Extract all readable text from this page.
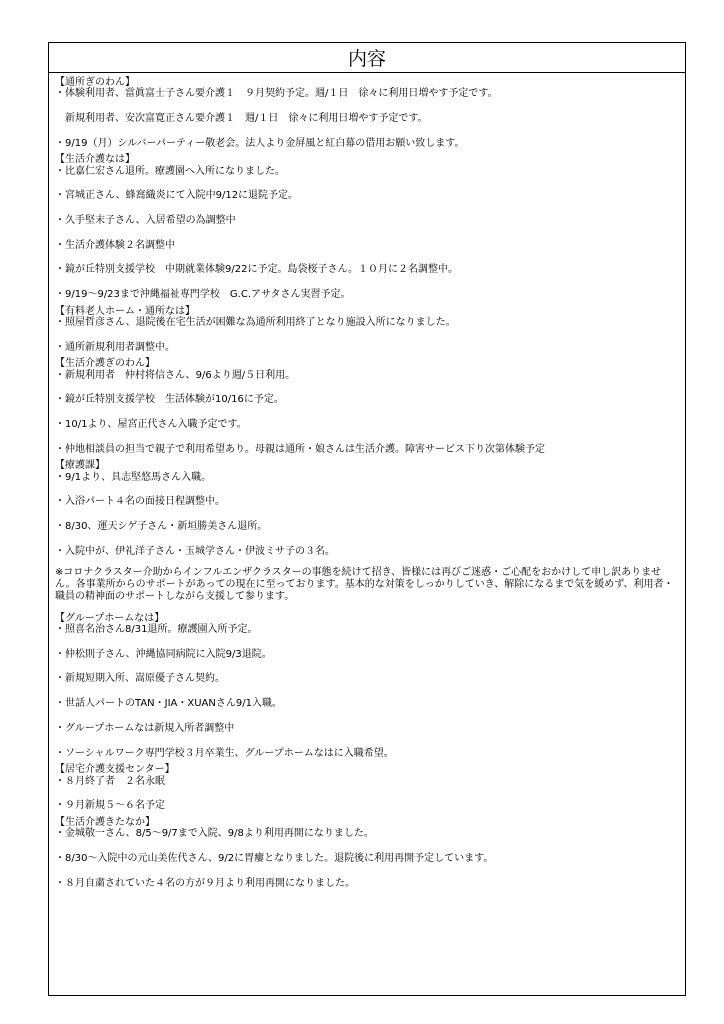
内容
【通所ぎのわん】
・体験利用者、當眞富士子さん要介護１　９月契約予定。週/１日　徐々に利用日増やす予定です。
　新規利用者、安次富寛正さん要介護１　週/１日　徐々に利用日増やす予定です。
・9/19（月）シルバーパーティー敬老会。法人より金屏風と紅白幕の借用お願い致します。
【生活介護なは】
・比嘉仁宏さん退所。療護園へ入所になりました。
・宮城正さん、蜂窩織炎にて入院中9/12に退院予定。
・久手堅末子さん、入居希望の為調整中
・生活介護体験２名調整中
・鏡が丘特別支援学校　中期就業体験9/22に予定。島袋桜子さん。１０月に２名調整中。
・9/19～9/23まで沖縄福祉専門学校　G.C.アサタさん実習予定。
【有料老人ホーム・通所なは】
・照屋哲彦さん、退院後在宅生活が困難な為通所利用終了となり施設入所になりました。
・通所新規利用者調整中。
【生活介護ぎのわん】
・新規利用者　仲村将信さん、9/6より週/５日利用。
・鏡が丘特別支援学校　生活体験が10/16に予定。
・10/1より、屋宮正代さん入職予定です。
・仲地相談員の担当で親子で利用希望あり。母親は通所・娘さんは生活介護。障害サービス下り次第体験予定
【療護課】
・9/1より、具志堅悠馬さん入職。
・入浴パート４名の面接日程調整中。
・8/30、運天シゲ子さん・新垣勝美さん退所。
・入院中が、伊礼洋子さん・玉城学さん・伊波ミサ子の３名。
※コロナクラスター介助からインフルエンザクラスターの事態を続けて招き、皆様には再びご迷惑・ご心配をおかけして申し訳ありません。各事業所からのサポートがあっての現在に至っております。基本的な対策をしっかりしていき、解除になるまで気を緩めず、利用者・職員の精神面のサポートしながら支援して参ります。
【グループホームなは】
・照喜名治さん8/31退所。療護園入所予定。
・仲松則子さん、沖縄協同病院に入院9/3退院。
・新規短期入所、嵩原優子さん契約。
・世話人パートのTAN・JIA・XUANさん9/1入職。
・グループホームなは新規入所者調整中
・ソーシャルワーク専門学校３月卒業生、グループホームなはに入職希望。
【居宅介護支援センター】
・８月終了者　２名永眠
・９月新規５～６名予定
【生活介護きたなか】
・金城敬一さん、8/5～9/7まで入院、9/8より利用再開になりました。
・8/30～入院中の元山美佐代さん、9/2に胃瘻となりました。退院後に利用再開予定しています。
・８月自粛されていた４名の方が９月より利用再開になりました。
